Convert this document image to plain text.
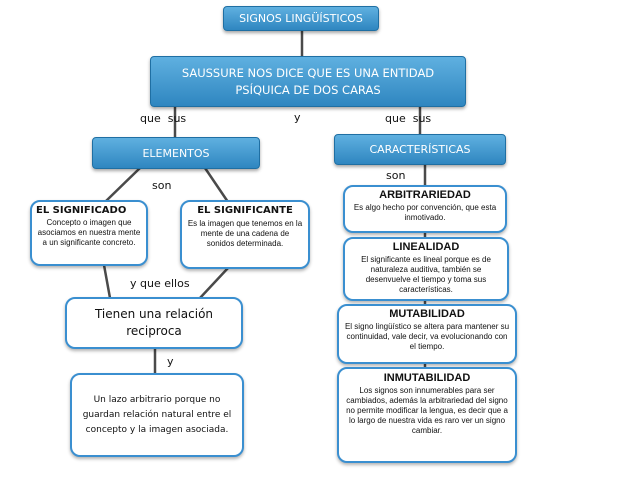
SIGNOS LINGÜÍSTICOS
SAUSSURE NOS DICE QUE ES UNA ENTIDAD PSÍQUICA DE DOS CARAS
que  sus	y	que  sus
ELEMENTOS	CARACTERÍSTICAS
son
son
EL SIGNIFICADO
Concepto o imagen que asociamos en nuestra mente a un significante concreto.
EL SIGNIFICANTE
Es la imagen que tenemos en la mente de una cadena de sonidos determinada.
y que ellos
Tienen una relación reciproca
y
Un lazo arbitrario porque no guardan relación natural entre el concepto y la imagen asociada.
ARBITRARIEDAD
Es algo hecho por convención, que esta inmotivado.
LINEALIDAD
El significante es lineal porque es de naturaleza auditiva, también se desenvuelve el tiempo y toma sus características.
MUTABILIDAD
El signo lingüístico se altera para mantener su continuidad, vale decir, va evolucionando con el tiempo.
INMUTABILIDAD
Los signos son innumerables para ser cambiados, además la arbitrariedad del signo no permite modificar la lengua, es decir que a lo largo de nuestra vida es raro ver un signo cambiar.
